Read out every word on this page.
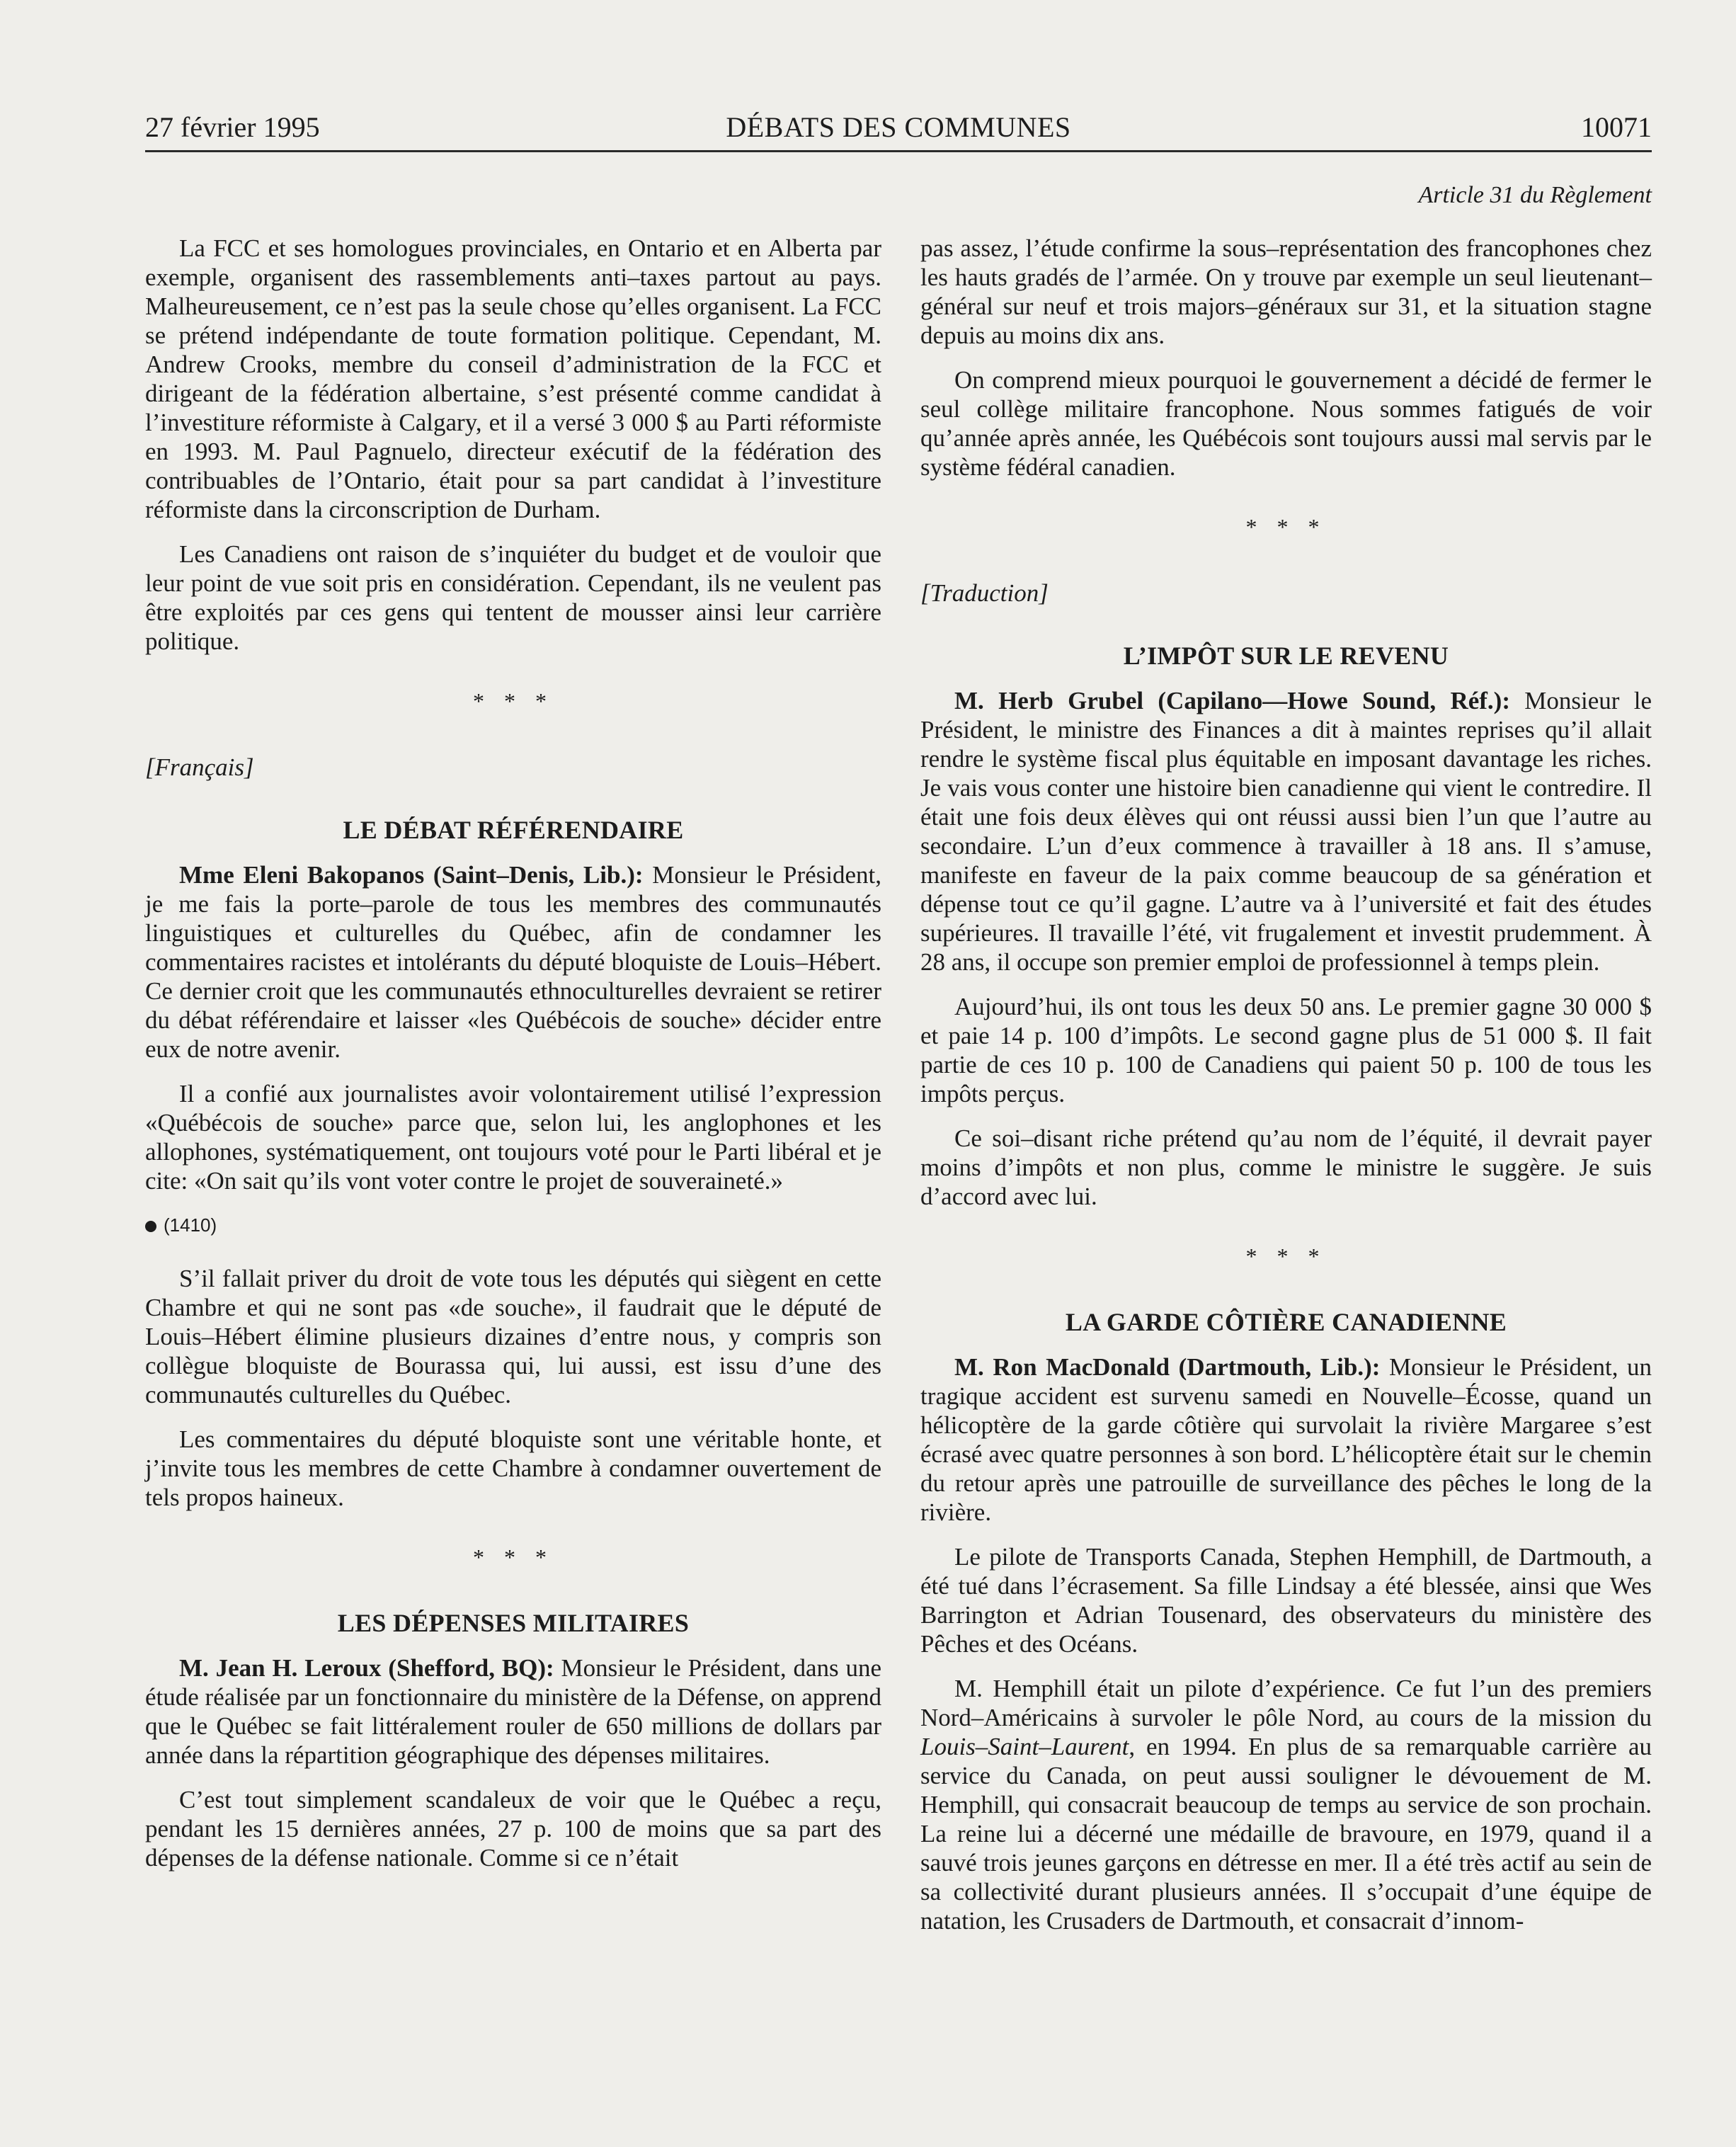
27 février 1995	DÉBATS DES COMMUNES	10071
Article 31 du Règlement

La FCC et ses homologues provinciales, en Ontario et en Alberta par exemple, organisent des rassemblements anti–taxes partout au pays. Malheureusement, ce n’est pas la seule chose qu’elles organisent. La FCC se prétend indépendante de toute formation politique. Cependant, M. Andrew Crooks, membre du conseil d’administration de la FCC et dirigeant de la fédération albertaine, s’est présenté comme candidat à l’investiture réformiste à Calgary, et il a versé 3 000 $ au Parti réformiste en 1993. M. Paul Pagnuelo, directeur exécutif de la fédération des contribuables de l’Ontario, était pour sa part candidat à l’investiture réformiste dans la circonscription de Durham.

Les Canadiens ont raison de s’inquiéter du budget et de vouloir que leur point de vue soit pris en considération. Cependant, ils ne veulent pas être exploités par ces gens qui tentent de mousser ainsi leur carrière politique.

* * *
[Français]
LE DÉBAT RÉFÉRENDAIRE

Mme Eleni Bakopanos (Saint–Denis, Lib.): Monsieur le Président, je me fais la porte–parole de tous les membres des communautés linguistiques et culturelles du Québec, afin de condamner les commentaires racistes et intolérants du député bloquiste de Louis–Hébert. Ce dernier croit que les communautés ethnoculturelles devraient se retirer du débat référendaire et laisser «les Québécois de souche» décider entre eux de notre avenir.

Il a confié aux journalistes avoir volontairement utilisé l’expression «Québécois de souche» parce que, selon lui, les anglophones et les allophones, systématiquement, ont toujours voté pour le Parti libéral et je cite: «On sait qu’ils vont voter contre le projet de souveraineté.»

(1410)

S’il fallait priver du droit de vote tous les députés qui siègent en cette Chambre et qui ne sont pas «de souche», il faudrait que le député de Louis–Hébert élimine plusieurs dizaines d’entre nous, y compris son collègue bloquiste de Bourassa qui, lui aussi, est issu d’une des communautés culturelles du Québec.

Les commentaires du député bloquiste sont une véritable honte, et j’invite tous les membres de cette Chambre à condamner ouvertement de tels propos haineux.

* * *
LES DÉPENSES MILITAIRES

M. Jean H. Leroux (Shefford, BQ): Monsieur le Président, dans une étude réalisée par un fonctionnaire du ministère de la Défense, on apprend que le Québec se fait littéralement rouler de 650 millions de dollars par année dans la répartition géographique des dépenses militaires.

C’est tout simplement scandaleux de voir que le Québec a reçu, pendant les 15 dernières années, 27 p. 100 de moins que sa part des dépenses de la défense nationale. Comme si ce n’était

pas assez, l’étude confirme la sous–représentation des francophones chez les hauts gradés de l’armée. On y trouve par exemple un seul lieutenant–général sur neuf et trois majors–généraux sur 31, et la situation stagne depuis au moins dix ans.

On comprend mieux pourquoi le gouvernement a décidé de fermer le seul collège militaire francophone. Nous sommes fatigués de voir qu’année après année, les Québécois sont toujours aussi mal servis par le système fédéral canadien.

* * *
[Traduction]
L’IMPÔT SUR LE REVENU

M. Herb Grubel (Capilano—Howe Sound, Réf.): Monsieur le Président, le ministre des Finances a dit à maintes reprises qu’il allait rendre le système fiscal plus équitable en imposant davantage les riches. Je vais vous conter une histoire bien canadienne qui vient le contredire. Il était une fois deux élèves qui ont réussi aussi bien l’un que l’autre au secondaire. L’un d’eux commence à travailler à 18 ans. Il s’amuse, manifeste en faveur de la paix comme beaucoup de sa génération et dépense tout ce qu’il gagne. L’autre va à l’université et fait des études supérieures. Il travaille l’été, vit frugalement et investit prudemment. À 28 ans, il occupe son premier emploi de professionnel à temps plein.

Aujourd’hui, ils ont tous les deux 50 ans. Le premier gagne 30 000 $ et paie 14 p. 100 d’impôts. Le second gagne plus de 51 000 $. Il fait partie de ces 10 p. 100 de Canadiens qui paient 50 p. 100 de tous les impôts perçus.

Ce soi–disant riche prétend qu’au nom de l’équité, il devrait payer moins d’impôts et non plus, comme le ministre le suggère. Je suis d’accord avec lui.

* * *
LA GARDE CÔTIÈRE CANADIENNE

M. Ron MacDonald (Dartmouth, Lib.): Monsieur le Président, un tragique accident est survenu samedi en Nouvelle–Écosse, quand un hélicoptère de la garde côtière qui survolait la rivière Margaree s’est écrasé avec quatre personnes à son bord. L’hélicoptère était sur le chemin du retour après une patrouille de surveillance des pêches le long de la rivière.

Le pilote de Transports Canada, Stephen Hemphill, de Dartmouth, a été tué dans l’écrasement. Sa fille Lindsay a été blessée, ainsi que Wes Barrington et Adrian Tousenard, des observateurs du ministère des Pêches et des Océans.

M. Hemphill était un pilote d’expérience. Ce fut l’un des premiers Nord–Américains à survoler le pôle Nord, au cours de la mission du Louis–Saint–Laurent, en 1994. En plus de sa remarquable carrière au service du Canada, on peut aussi souligner le dévouement de M. Hemphill, qui consacrait beaucoup de temps au service de son prochain. La reine lui a décerné une médaille de bravoure, en 1979, quand il a sauvé trois jeunes garçons en détresse en mer. Il a été très actif au sein de sa collectivité durant plusieurs années. Il s’occupait d’une équipe de natation, les Crusaders de Dartmouth, et consacrait d’innom-
